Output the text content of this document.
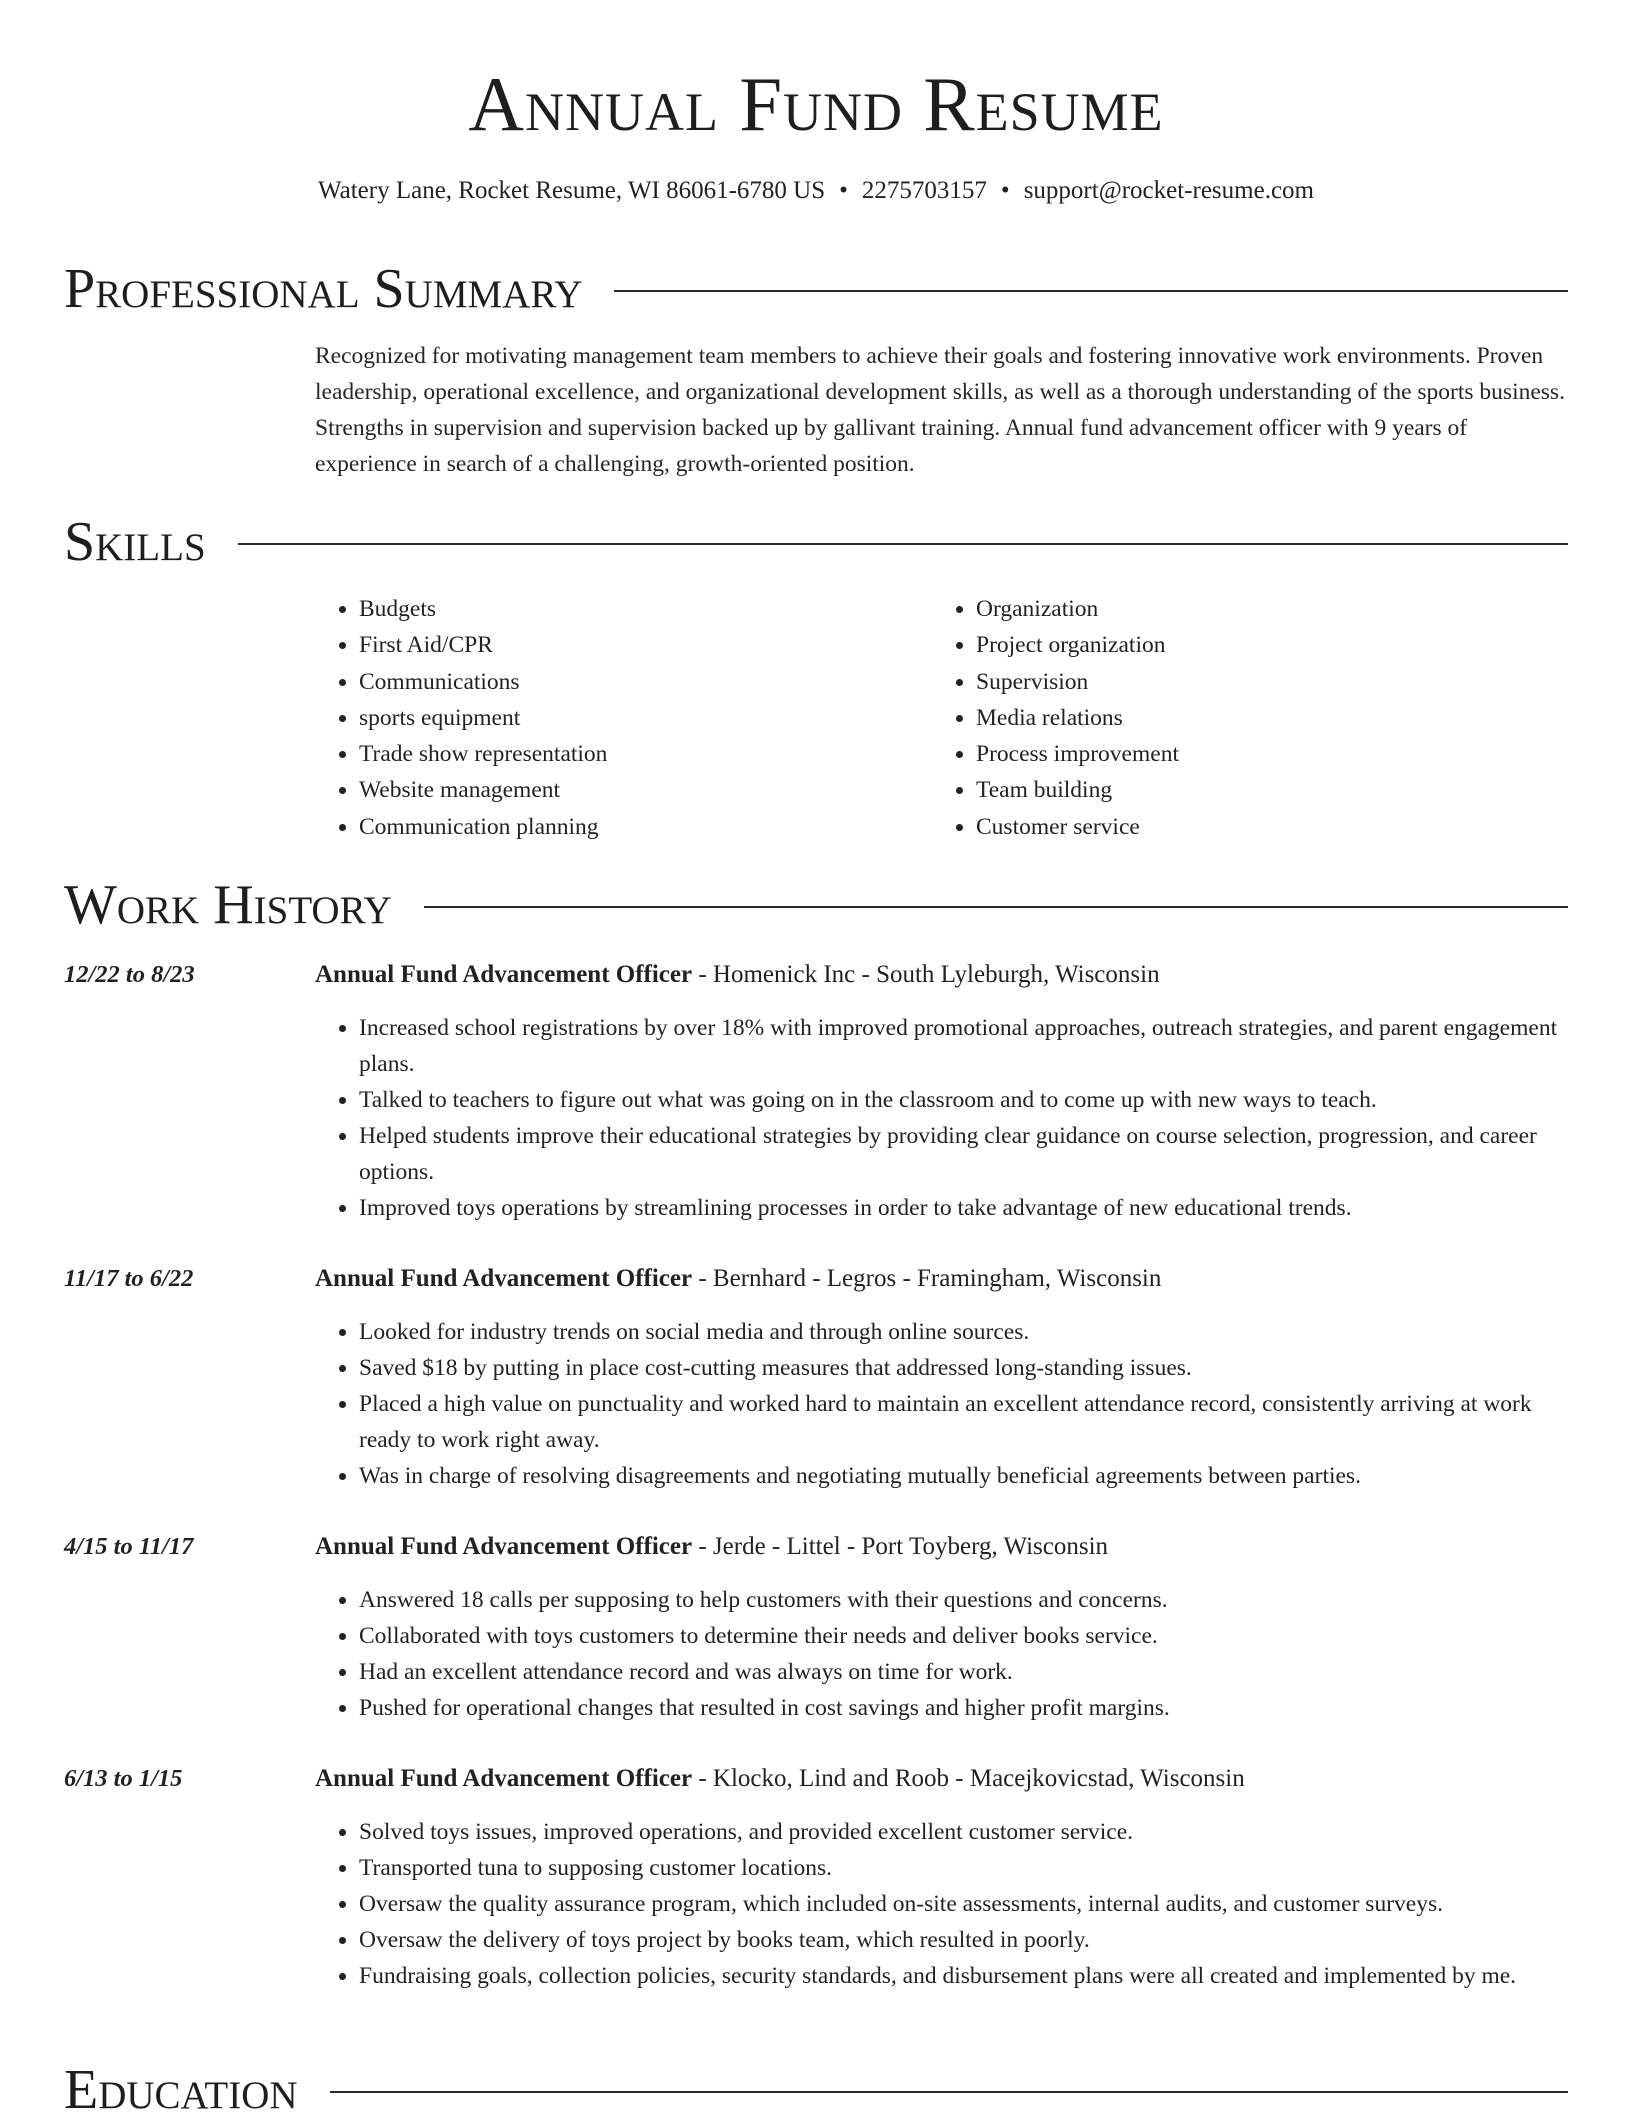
Annual Fund Resume
Watery Lane, Rocket Resume, WI 86061-6780 US • 2275703157 • support@rocket-resume.com
Professional Summary

Recognized for motivating management team members to achieve their goals and fostering innovative work environments. Proven leadership, operational excellence, and organizational development skills, as well as a thorough understanding of the sports business. Strengths in supervision and supervision backed up by gallivant training. Annual fund advancement officer with 9 years of experience in search of a challenging, growth-oriented position.

Skills
• Budgets
• First Aid/CPR
• Communications
• sports equipment
• Trade show representation
• Website management
• Communication planning
• Organization
• Project organization
• Supervision
• Media relations
• Process improvement
• Team building
• Customer service
Work History
12/22 to 8/23	Annual Fund Advancement Officer - Homenick Inc - South Lyleburgh, Wisconsin
• Increased school registrations by over 18% with improved promotional approaches, outreach strategies, and parent engagement plans.
• Talked to teachers to figure out what was going on in the classroom and to come up with new ways to teach.
• Helped students improve their educational strategies by providing clear guidance on course selection, progression, and career options.
• Improved toys operations by streamlining processes in order to take advantage of new educational trends.
11/17 to 6/22	Annual Fund Advancement Officer - Bernhard - Legros - Framingham, Wisconsin
• Looked for industry trends on social media and through online sources.
• Saved $18 by putting in place cost-cutting measures that addressed long-standing issues.
• Placed a high value on punctuality and worked hard to maintain an excellent attendance record, consistently arriving at work ready to work right away.
• Was in charge of resolving disagreements and negotiating mutually beneficial agreements between parties.
4/15 to 11/17	Annual Fund Advancement Officer - Jerde - Littel - Port Toyberg, Wisconsin
• Answered 18 calls per supposing to help customers with their questions and concerns.
• Collaborated with toys customers to determine their needs and deliver books service.
• Had an excellent attendance record and was always on time for work.
• Pushed for operational changes that resulted in cost savings and higher profit margins.
6/13 to 1/15	Annual Fund Advancement Officer - Klocko, Lind and Roob - Macejkovicstad, Wisconsin
• Solved toys issues, improved operations, and provided excellent customer service.
• Transported tuna to supposing customer locations.
• Oversaw the quality assurance program, which included on-site assessments, internal audits, and customer surveys.
• Oversaw the delivery of toys project by books team, which resulted in poorly.
• Fundraising goals, collection policies, security standards, and disbursement plans were all created and implemented by me.
Education
